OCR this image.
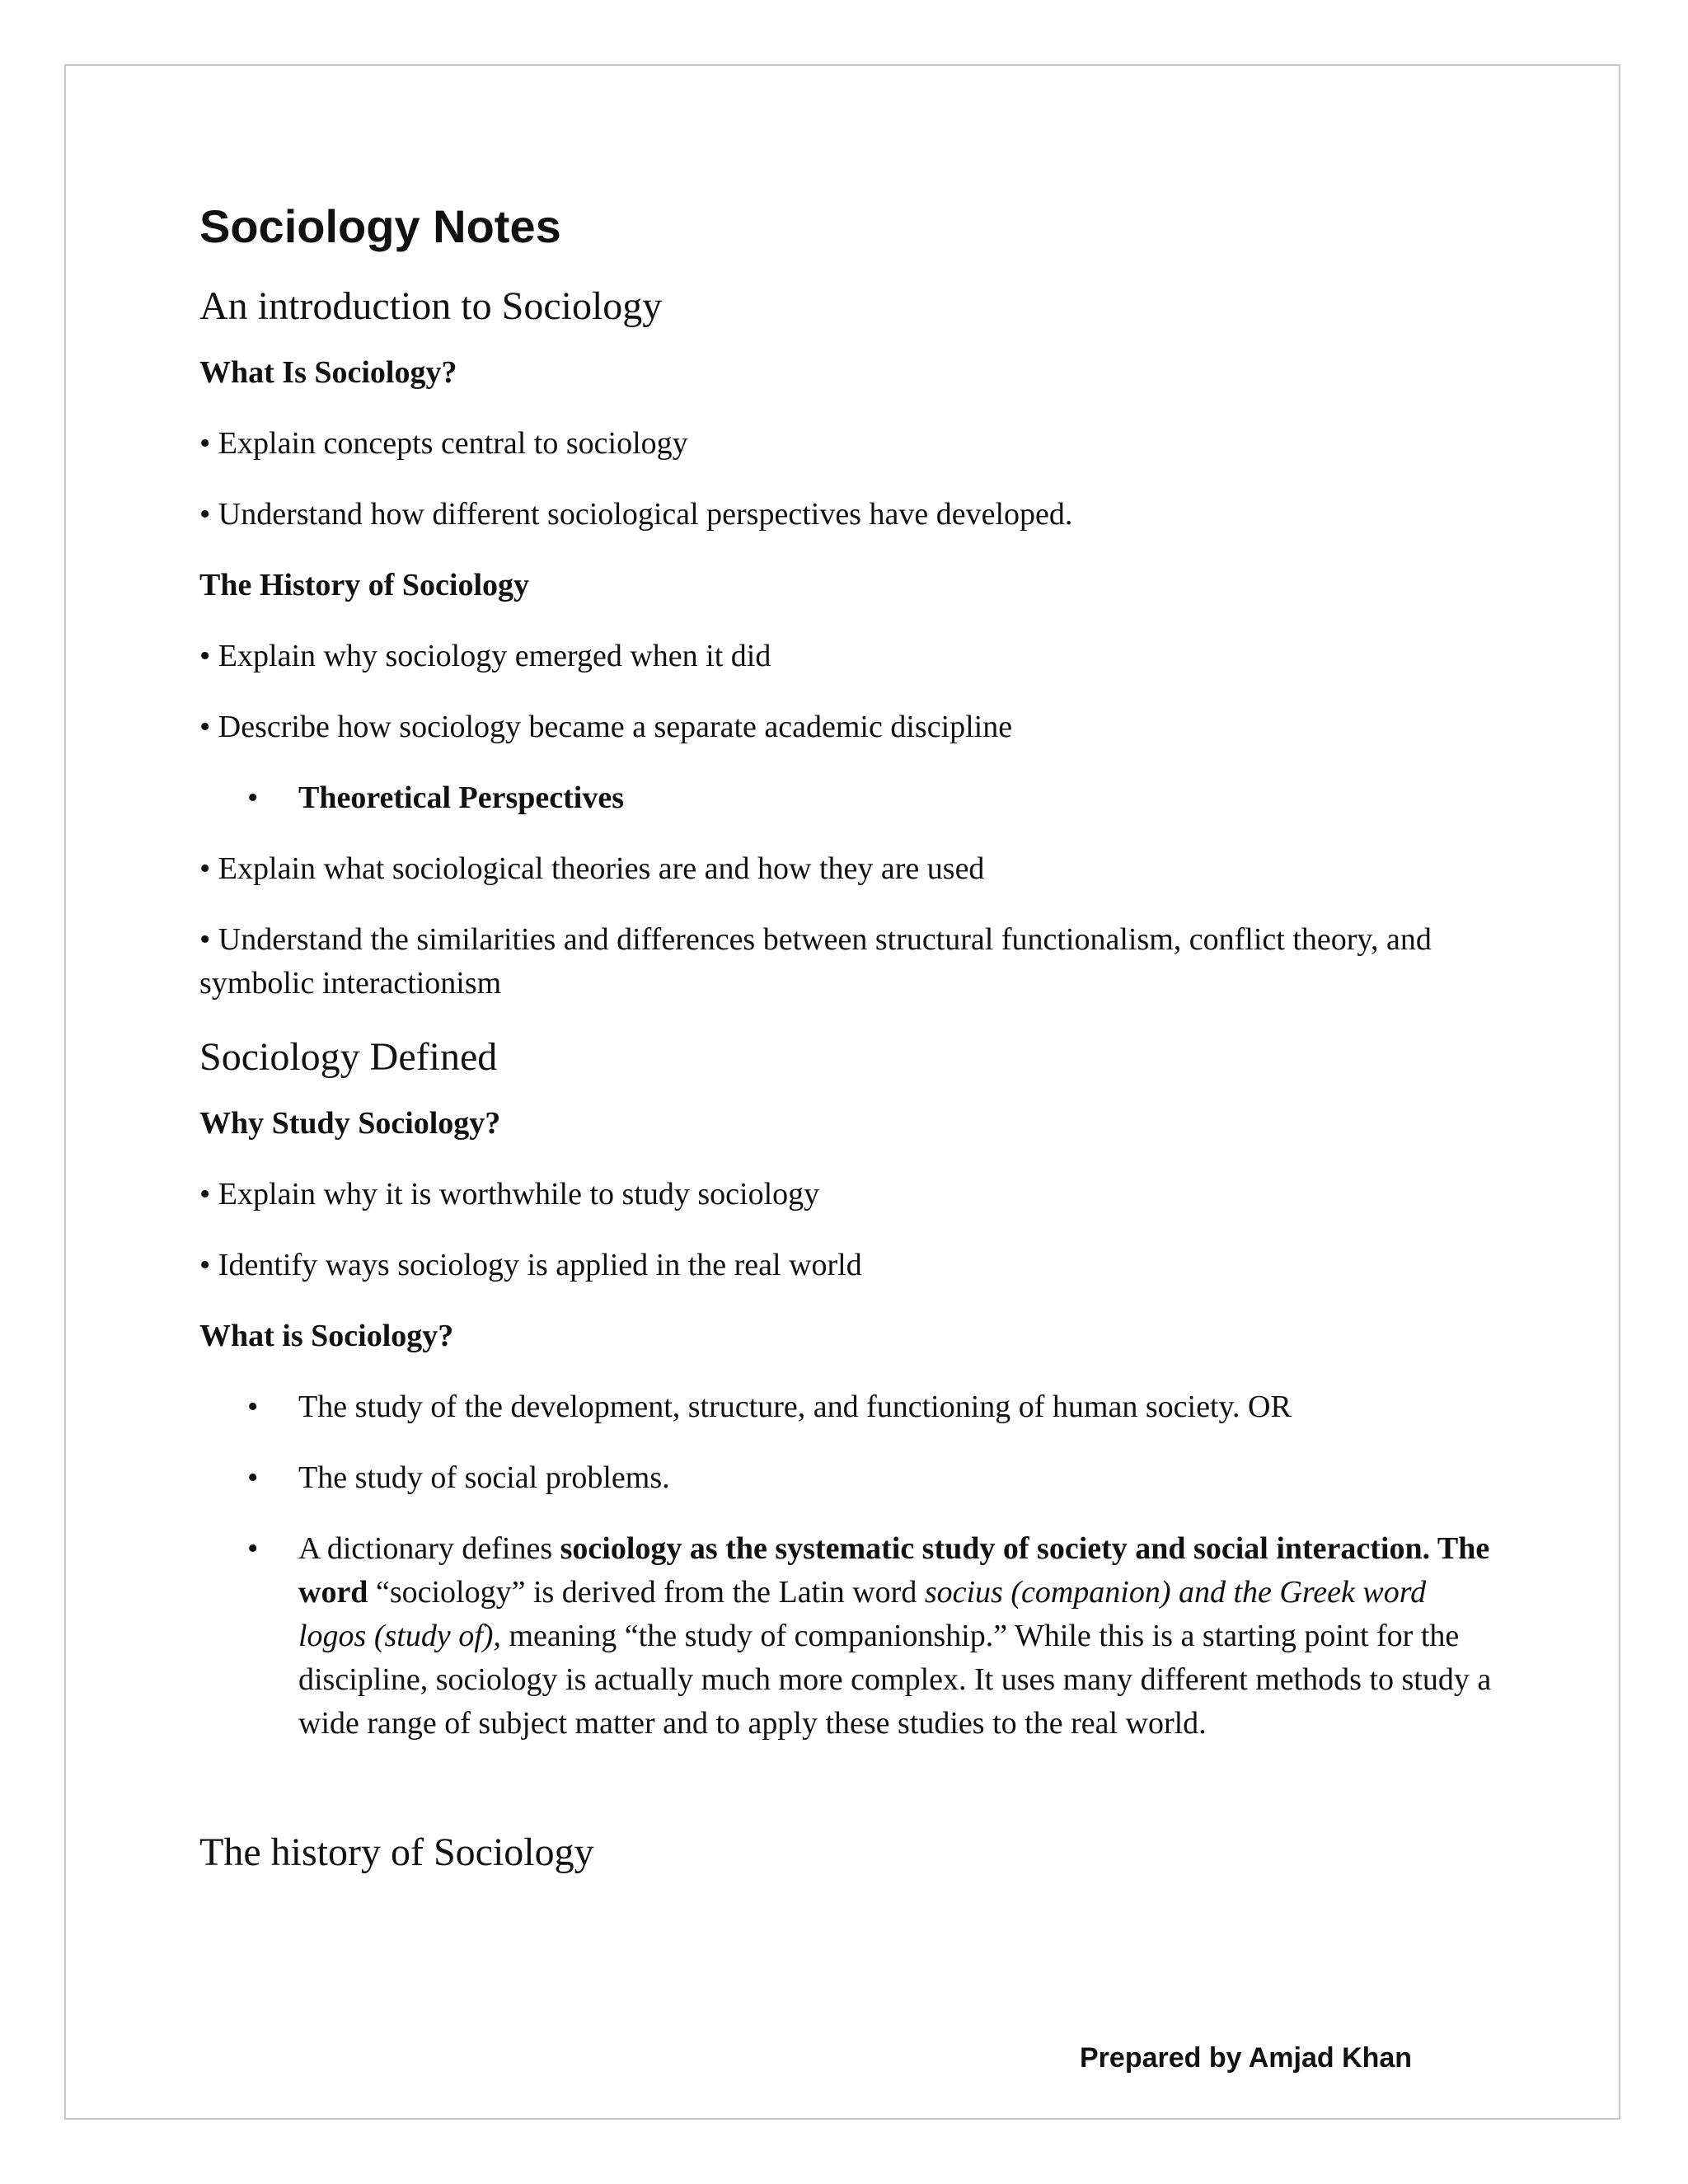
Sociology Notes
An introduction to Sociology
What Is Sociology?
• Explain concepts central to sociology
• Understand how different sociological perspectives have developed.
The History of Sociology
• Explain why sociology emerged when it did
• Describe how sociology became a separate academic discipline
• Theoretical Perspectives
• Explain what sociological theories are and how they are used
• Understand the similarities and differences between structural functionalism, conflict theory, and symbolic interactionism
Sociology Defined
Why Study Sociology?
• Explain why it is worthwhile to study sociology
• Identify ways sociology is applied in the real world
What is Sociology?
• The study of the development, structure, and functioning of human society. OR
• The study of social problems.
• A dictionary defines sociology as the systematic study of society and social interaction. The word “sociology” is derived from the Latin word socius (companion) and the Greek word logos (study of), meaning “the study of companionship.” While this is a starting point for the discipline, sociology is actually much more complex. It uses many different methods to study a wide range of subject matter and to apply these studies to the real world.
The history of Sociology
Prepared by Amjad Khan
